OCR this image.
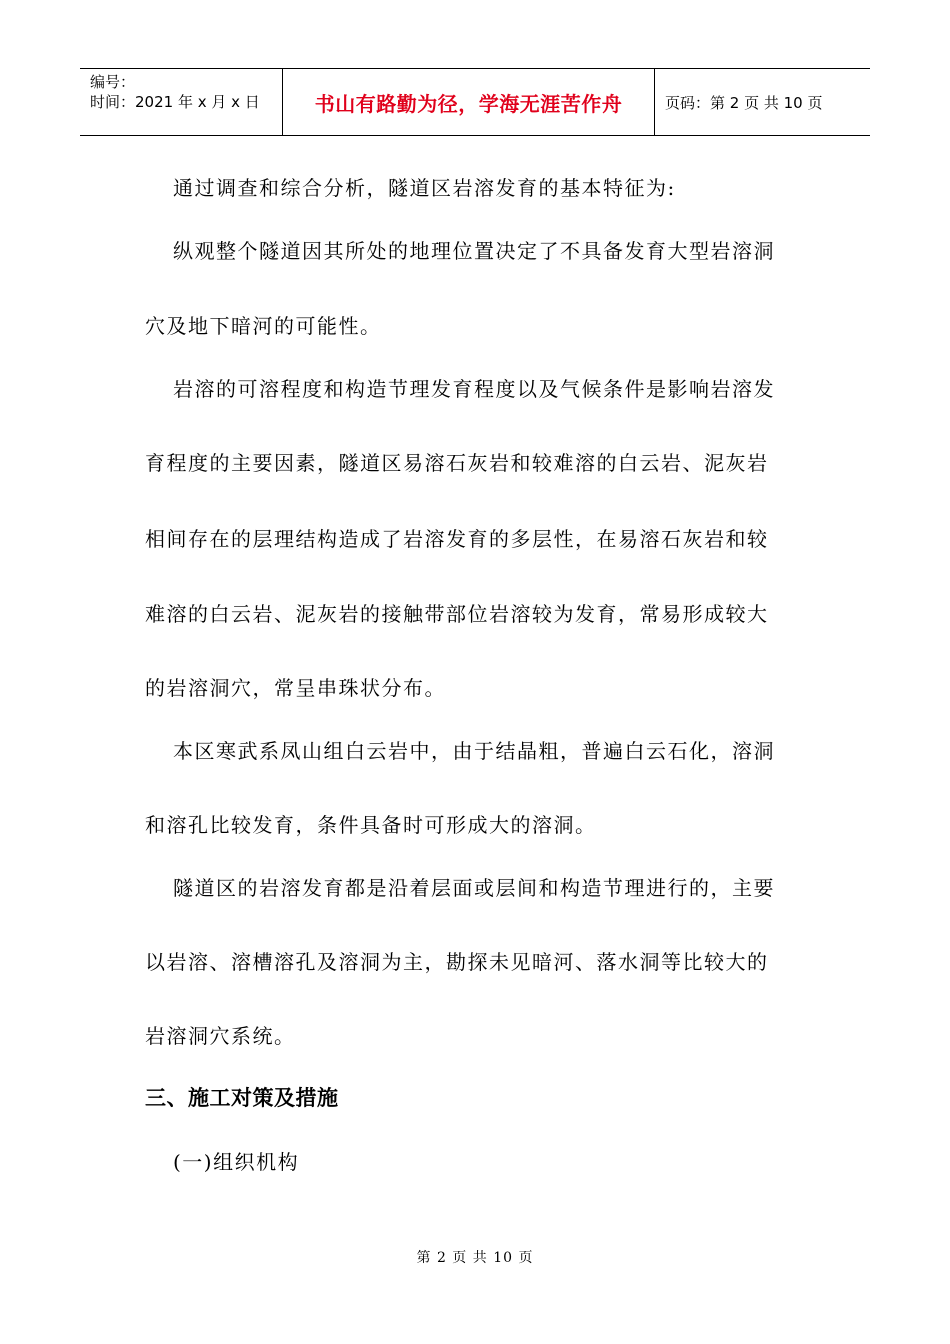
编号：
时间：2021 年 x 月 x 日	书山有路勤为径，学海无涯苦作舟	页码：第 2 页 共 10 页
通过调查和综合分析，隧道区岩溶发育的基本特征为:
纵观整个隧道因其所处的地理位置决定了不具备发育大型岩溶洞
穴及地下暗河的可能性。
岩溶的可溶程度和构造节理发育程度以及气候条件是影响岩溶发
育程度的主要因素，隧道区易溶石灰岩和较难溶的白云岩、泥灰岩
相间存在的层理结构造成了岩溶发育的多层性，在易溶石灰岩和较
难溶的白云岩、泥灰岩的接触带部位岩溶较为发育，常易形成较大
的岩溶洞穴，常呈串珠状分布。
本区寒武系凤山组白云岩中，由于结晶粗，普遍白云石化，溶洞
和溶孔比较发育，条件具备时可形成大的溶洞。
隧道区的岩溶发育都是沿着层面或层间和构造节理进行的，主要
以岩溶、溶槽溶孔及溶洞为主，勘探未见暗河、落水洞等比较大的
岩溶洞穴系统。
三、施工对策及措施
(一)组织机构
第 2 页 共 10 页
